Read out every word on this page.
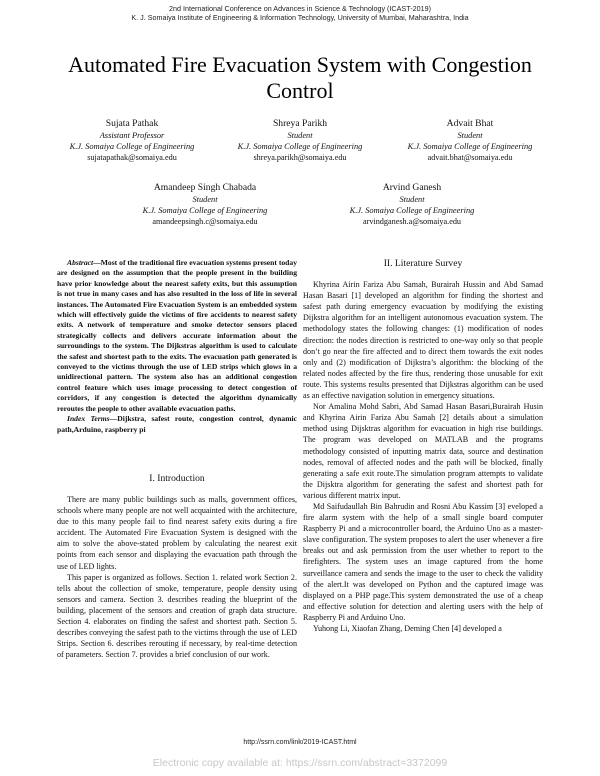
2nd International Conference on Advances in Science & Technology (ICAST-2019)
K. J. Somaiya Institute of Engineering & Information Technology, University of Mumbai, Maharashtra, India
Automated Fire Evacuation System with Congestion Control
Sujata Pathak
Assistant Professor
K.J. Somaiya College of Engineering
sujatapathak@somaiya.edu
Shreya Parikh
Student
K.J. Somaiya College of Engineering
shreya.parikh@somaiya.edu
Advait Bhat
Student
K.J. Somaiya College of Engineering
advait.bhat@somaiya.edu
Amandeep Singh Chabada
Student
K.J. Somaiya College of Engineering
amandeepsingh.c@somaiya.edu
Arvind Ganesh
Student
K.J. Somaiya College of Engineering
arvindganesh.a@somaiya.edu

Abstract—Most of the traditional fire evacuation systems present today are designed on the assumption that the people present in the building have prior knowledge about the nearest safety exits, but this assumption is not true in many cases and has also resulted in the loss of life in several instances. The Automated Fire Evacuation System is an embedded system which will effectively guide the victims of fire accidents to nearest safety exits. A network of temperature and smoke detector sensors placed strategically collects and delivers accurate information about the surroundings to the system. The Dijkstras algorithm is used to calculate the safest and shortest path to the exits. The evacuation path generated is conveyed to the victims through the use of LED strips which glows in a unidirectional pattern. The system also has an additional congestion control feature which uses image processing to detect congestion of corridors, if any congestion is detected the algorithm dynamically reroutes the people to other available evacuation paths.

Index Terms—Dijkstra, safest route, congestion control, dynamic path,Arduino, raspberry pi

I. Introduction

There are many public buildings such as malls, government offices, schools where many people are not well acquainted with the architecture, due to this many people fail to find nearest safety exits during a fire accident. The Automated Fire Evacuation System is designed with the aim to solve the above-stated problem by calculating the nearest exit points from each sensor and displaying the evacuation path through the use of LED lights.

This paper is organized as follows. Section 1. related work Section 2. tells about the collection of smoke, temperature, people density using sensors and camera. Section 3. describes reading the blueprint of the building, placement of the sensors and creation of graph data structure. Section 4. elaborates on finding the safest and shortest path. Section 5. describes conveying the safest path to the victims through the use of LED Strips. Section 6. describes rerouting if necessary, by real-time detection of parameters. Section 7. provides a brief conclusion of our work.

II. Literature Survey

Khyrina Airin Fariza Abu Samah, Buraira​h Hussin and Abd Samad Hasan Basari [1] developed an algorithm for finding the shortest and safest path during emergency evacuation by modifying the existing Dijkstra algorithm for an intelligent autonomous evacuation system. The methodology states the following changes: (1) modification of nodes direction: the nodes direction is restricted to one-way only so that people don’t go near the fire affected and to direct them towards the exit nodes only and (2) modification of Dijkstra’s algorithm: the blocking of the related nodes affected by the fire thus, rendering those unusable for exit route. This systems results presented that Dijkstras algorithm can be used as an effective navigation solution in emergency situations.

Nor Amalina Mohd Sabri, Abd Samad Hasan Basari,Burairah Husin and Khyrina Airin Fariza Abu Samah [2] details about a simulation method using Dijsktras algorithm for evacuation in high rise buildings. The program was developed on MATLAB and the programs methodology consisted of inputting matrix data, source and destination nodes, removal of affected nodes and the path will be blocked, finally generating a safe exit route.The simulation program attempts to validate the Dijsktra algorithm for generating the safest and shortest path for various different matrix input.

Md Saifudaullah Bin Bahrudin and Rosni Abu Kassim [3] eveloped a fire alarm system with the help of a small single board computer Raspberry Pi and a microcontroller board, the Arduino Uno as a master-slave configuration. The system proposes to alert the user whenever a fire breaks out and ask permission from the user whether to report to the firefighters. The system uses an image captured from the home surveillance camera and sends the image to the user to check the validity of the alert.It was developed on Python and the captured image was displayed on a PHP page.This system demonstrated the use of a cheap and effective solution for detection and alerting users with the help of Raspberry Pi and Arduino Uno.

Yuhong Li, Xiaofan Zhang, Deming Chen [4] developed a

http://ssrn.com/link/2019-ICAST.html
Electronic copy available at: https://ssrn.com/abstract=3372099
